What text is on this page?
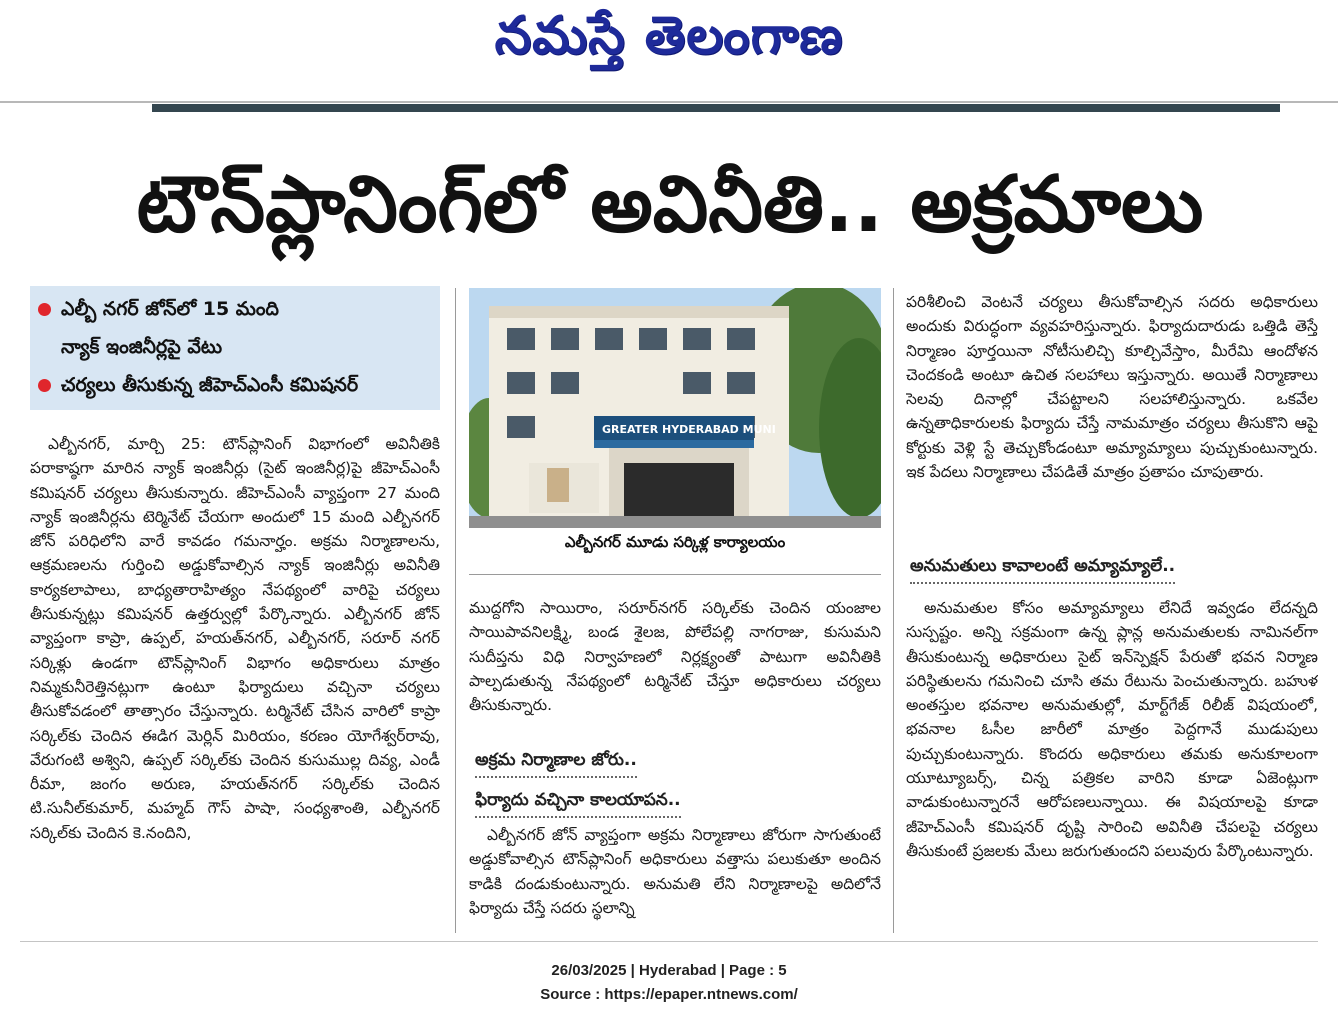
నమస్తే తెలంగాణ
టౌన్‌ప్లానింగ్‌లో అవినీతి.. అక్రమాలు
ఎల్బీ నగర్ జోన్‌లో 15 మంది
న్యాక్ ఇంజినీర్లపై వేటు
చర్యలు తీసుకున్న జీహెచ్‌ఎంసీ కమిషనర్

ఎల్బీనగర్, మార్చి 25: టౌన్‌ప్లానింగ్ విభాగంలో అవినీతికి పరాకాష్ఠగా మారిన న్యాక్ ఇంజినీర్లు (సైట్ ఇంజినీర్ల)పై జీహెచ్‌ఎంసీ కమిషనర్ చర్యలు తీసుకున్నారు. జీహెచ్‌ఎంసీ వ్యాప్తంగా 27 మంది న్యాక్ ఇంజినీర్లను టెర్మినేట్ చేయగా అందులో 15 మంది ఎల్బీనగర్ జోన్ పరిధిలోని వారే కావడం గమనార్హం. అక్రమ నిర్మాణాలను, ఆక్రమణలను గుర్తించి అడ్డుకోవాల్సిన న్యాక్ ఇంజినీర్లు అవినీతి కార్యకలాపాలు, బాధ్యతారాహిత్యం నేపథ్యంలో వారిపై చర్యలు తీసుకున్నట్లు కమిషనర్ ఉత్తర్వుల్లో పేర్కొన్నారు. ఎల్బీనగర్ జోన్ వ్యాప్తంగా కాప్రా, ఉప్పల్, హయత్‌నగర్, ఎల్బీనగర్, సరూర్ నగర్ సర్కిళ్లు ఉండగా టౌన్‌ప్లానింగ్ విభాగం అధికారులు మాత్రం నిమ్మకునీరెత్తినట్లుగా ఉంటూ ఫిర్యాదులు వచ్చినా చర్యలు తీసుకోవడంలో తాత్సారం చేస్తున్నారు. టర్మినేట్ చేసిన వారిలో కాప్రా సర్కిల్‌కు చెందిన ఈడిగ మెర్లిన్ మిరియం, కరణం యోగేశ్వర్‌రావు, వేరుగంటి అశ్విని, ఉప్పల్ సర్కిల్‌కు చెందిన కుసుముల్ల దివ్య, ఎండీ రీమా, జంగం అరుణ, హయత్‌నగర్ సర్కిల్‌కు చెందిన టి.సునీల్‌కుమార్, మహ్మద్ గౌస్ పాషా, సంధ్యశాంతి, ఎల్బీనగర్ సర్కిల్‌కు చెందిన కె.నందిని,

GREATER HYDERABAD MUNI
ఎల్బీనగర్ మూడు సర్కిళ్ల కార్యాలయం

ముద్దగోని సాయిరాం, సరూర్‌నగర్ సర్కిల్‌కు చెందిన యంజాల సాయిపావనిలక్ష్మి, బండ శైలజ, పోలేపల్లి నాగరాజు, కుసుమని సుదీప్తను విధి నిర్వాహణలో నిర్లక్ష్యంతో పాటుగా అవినీతికి పాల్పడుతున్న నేపథ్యంలో టర్మినేట్ చేస్తూ అధికారులు చర్యలు తీసుకున్నారు.

అక్రమ నిర్మాణాల జోరు..
ఫిర్యాదు వచ్చినా కాలయాపన..

ఎల్బీనగర్ జోన్ వ్యాప్తంగా అక్రమ నిర్మాణాలు జోరుగా సాగుతుంటే అడ్డుకోవాల్సిన టౌన్‌ప్లానింగ్ అధికారులు వత్తాసు పలుకుతూ అందిన కాడికి దండుకుంటున్నారు. అనుమతి లేని నిర్మాణాలపై అదిలోనే ఫిర్యాదు చేస్తే సదరు స్థలాన్ని

పరిశీలించి వెంటనే చర్యలు తీసుకోవాల్సిన సదరు అధికారులు అందుకు విరుద్ధంగా వ్యవహరిస్తున్నారు. ఫిర్యాదుదారుడు ఒత్తిడి తెస్తే నిర్మాణం పూర్తయినా నోటీసులిచ్చి కూల్చివేస్తాం, మీరేమి ఆందోళన చెందకండి అంటూ ఉచిత సలహాలు ఇస్తున్నారు. అయితే నిర్మాణాలు సెలవు దినాల్లో చేపట్టాలని సలహాలిస్తున్నారు. ఒకవేల ఉన్నతాధికారులకు ఫిర్యాదు చేస్తే నామమాత్రం చర్యలు తీసుకొని ఆపై కోర్టుకు వెళ్లి స్టే తెచ్చుకోండంటూ అమ్యామ్యాలు పుచ్చుకుంటున్నారు. ఇక పేదలు నిర్మాణాలు చేపడితే మాత్రం ప్రతాపం చూపుతారు.

అనుమతులు కావాలంటే అమ్యామ్యాలే..

అనుమతుల కోసం అమ్యామ్యాలు లేనిదే ఇవ్వడం లేదన్నది సుస్పష్టం. అన్ని సక్రమంగా ఉన్న ప్లాన్ల అనుమతులకు నామినల్‌గా తీసుకుంటున్న అధికారులు సైట్ ఇన్‌స్పెక్షన్ పేరుతో భవన నిర్మాణ పరిస్థితులను గమనించి చూసి తమ రేటును పెంచుతున్నారు. బహుళ అంతస్తుల భవనాల అనుమతుల్లో, మార్ట్‌గేజ్ రిలీజ్ విషయంలో, భవనాల ఓసీల జారీలో మాత్రం పెద్దగానే ముడుపులు పుచ్చుకుంటున్నారు. కొందరు అధికారులు తమకు అనుకూలంగా యూట్యూబర్స్, చిన్న పత్రికల వారిని కూడా ఏజెంట్లుగా వాడుకుంటున్నారనే ఆరోపణలున్నాయి. ఈ విషయాలపై కూడా జీహెచ్‌ఎంసీ కమిషనర్ దృష్టి సారించి అవినీతి చేపలపై చర్యలు తీసుకుంటే ప్రజలకు మేలు జరుగుతుందని పలువురు పేర్కొంటున్నారు.

26/03/2025 | Hyderabad | Page : 5
Source : https://epaper.ntnews.com/
